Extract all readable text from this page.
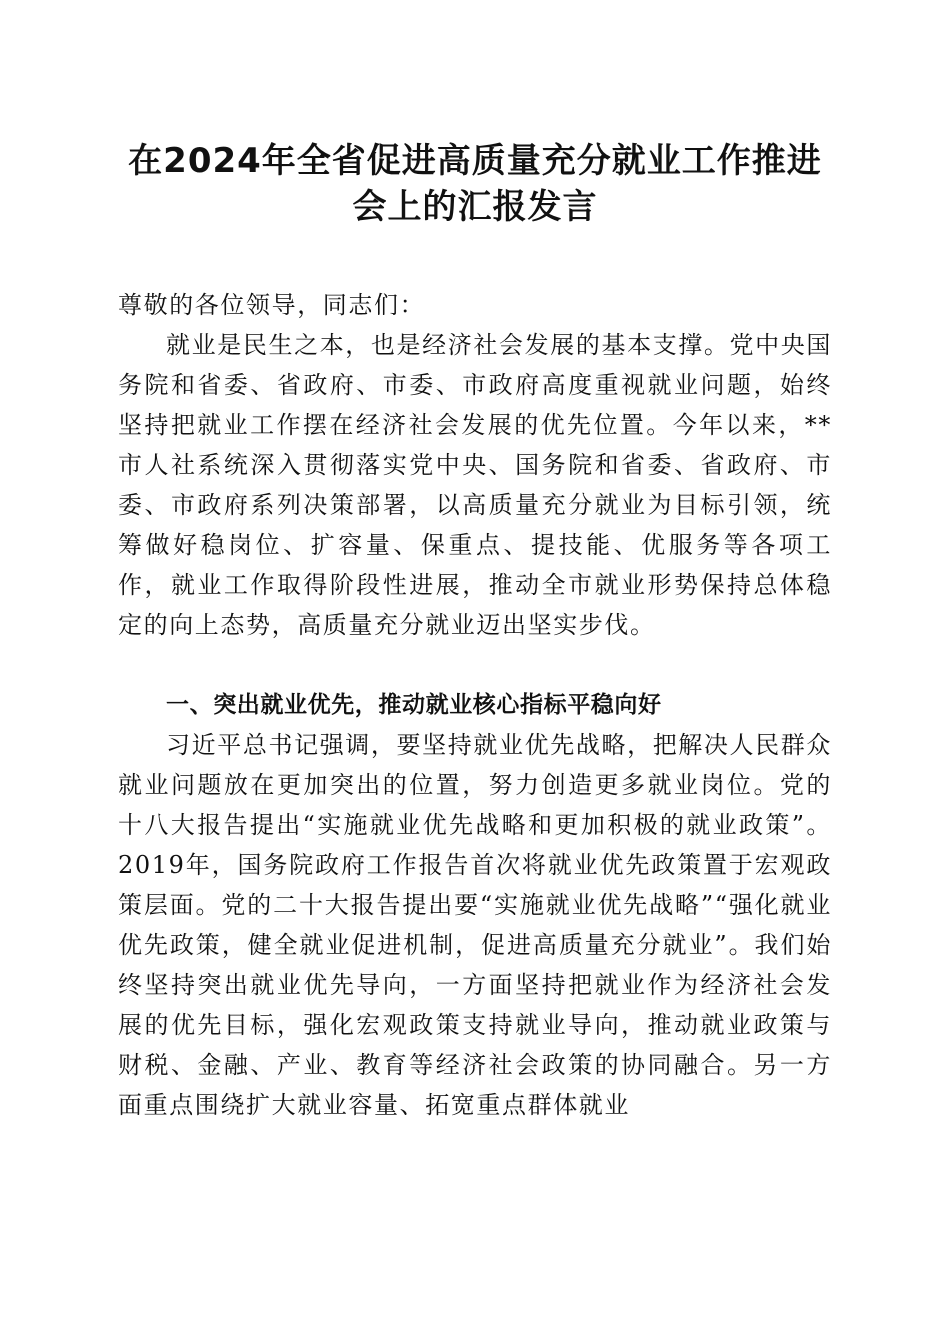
在2024年全省促进高质量充分就业工作推进
会上的汇报发言

尊敬的各位领导，同志们：

就业是民生之本，也是经济社会发展的基本支撑。党中央国务院和省委、省政府、市委、市政府高度重视就业问题，始终坚持把就业工作摆在经济社会发展的优先位置。今年以来，**市人社系统深入贯彻落实党中央、国务院和省委、省政府、市委、市政府系列决策部署，以高质量充分就业为目标引领，统筹做好稳岗位、扩容量、保重点、提技能、优服务等各项工作，就业工作取得阶段性进展，推动全市就业形势保持总体稳定的向上态势，高质量充分就业迈出坚实步伐。

一、突出就业优先，推动就业核心指标平稳向好

习近平总书记强调，要坚持就业优先战略，把解决人民群众就业问题放在更加突出的位置，努力创造更多就业岗位。党的十八大报告提出“实施就业优先战略和更加积极的就业政策”。2019年，国务院政府工作报告首次将就业优先政策置于宏观政策层面。党的二十大报告提出要“实施就业优先战略”“强化就业优先政策，健全就业促进机制，促进高质量充分就业”。我们始终坚持突出就业优先导向，一方面坚持把就业作为经济社会发展的优先目标，强化宏观政策支持就业导向，推动就业政策与财税、金融、产业、教育等经济社会政策的协同融合。另一方面重点围绕扩大就业容量、拓宽重点群体就业
